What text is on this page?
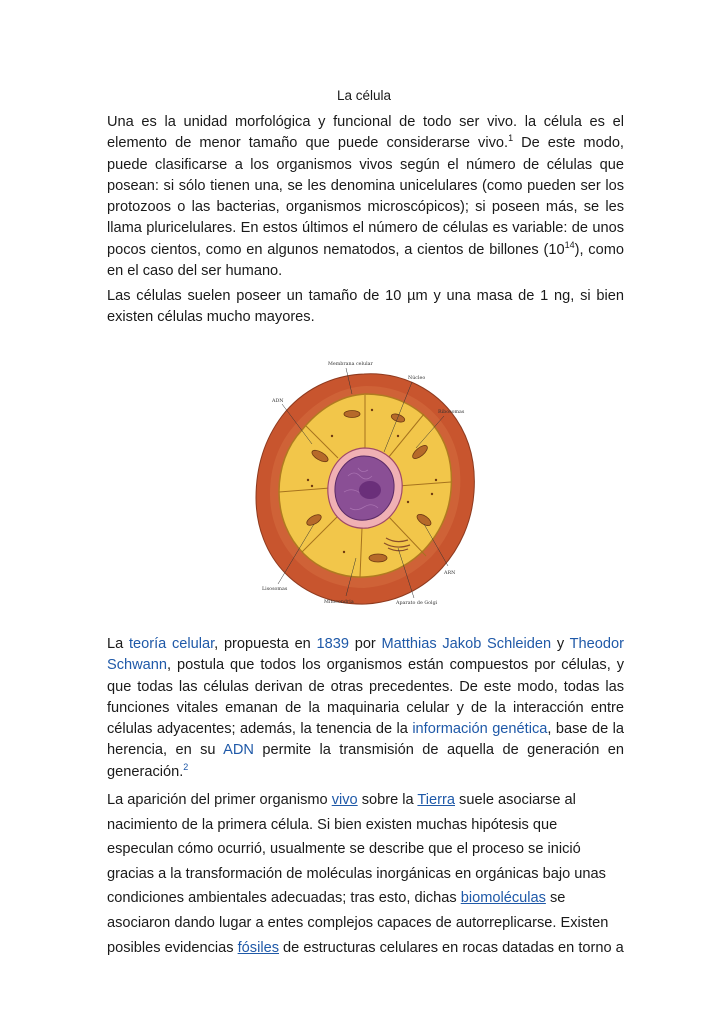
La célula

Una es la unidad morfológica y funcional de todo ser vivo. la célula es el elemento de menor tamaño que puede considerarse vivo.$^1$ De este modo, puede clasificarse a los organismos vivos según el número de células que posean: si sólo tienen una, se les denomina unicelulares (como pueden ser los protozoos o las bacterias, organismos microscópicos); si poseen más, se les llama pluricelulares. En estos últimos el número de células es variable: de unos pocos cientos, como en algunos nematodos, a cientos de billones $(10^{14})$, como en el caso del ser humano.

Las células suelen poseer un tamaño de 10 µm y una masa de 1 ng, si bien existen células mucho mayores.

Membrana celular
Núcleo
ADN
Ribosomas
ARN
Lisosomas
Mitocondria	Aparato de Golgi

La teoría celular, propuesta en 1839 por Matthias Jakob Schleiden y Theodor Schwann, postula que todos los organismos están compuestos por células, y que todas las células derivan de otras precedentes. De este modo, todas las funciones vitales emanan de la maquinaria celular y de la interacción entre células adyacentes; además, la tenencia de la información genética, base de la herencia, en su ADN permite la transmisión de aquella de generación en generación.$^2$

La aparición del primer organismo vivo sobre la Tierra suele asociarse al nacimiento de la primera célula. Si bien existen muchas hipótesis que especulan cómo ocurrió, usualmente se describe que el proceso se inició gracias a la transformación de moléculas inorgánicas en orgánicas bajo unas condiciones ambientales adecuadas; tras esto, dichas biomoléculas se asociaron dando lugar a entes complejos capaces de autorreplicarse. Existen posibles evidencias fósiles de estructuras celulares en rocas datadas en torno a
